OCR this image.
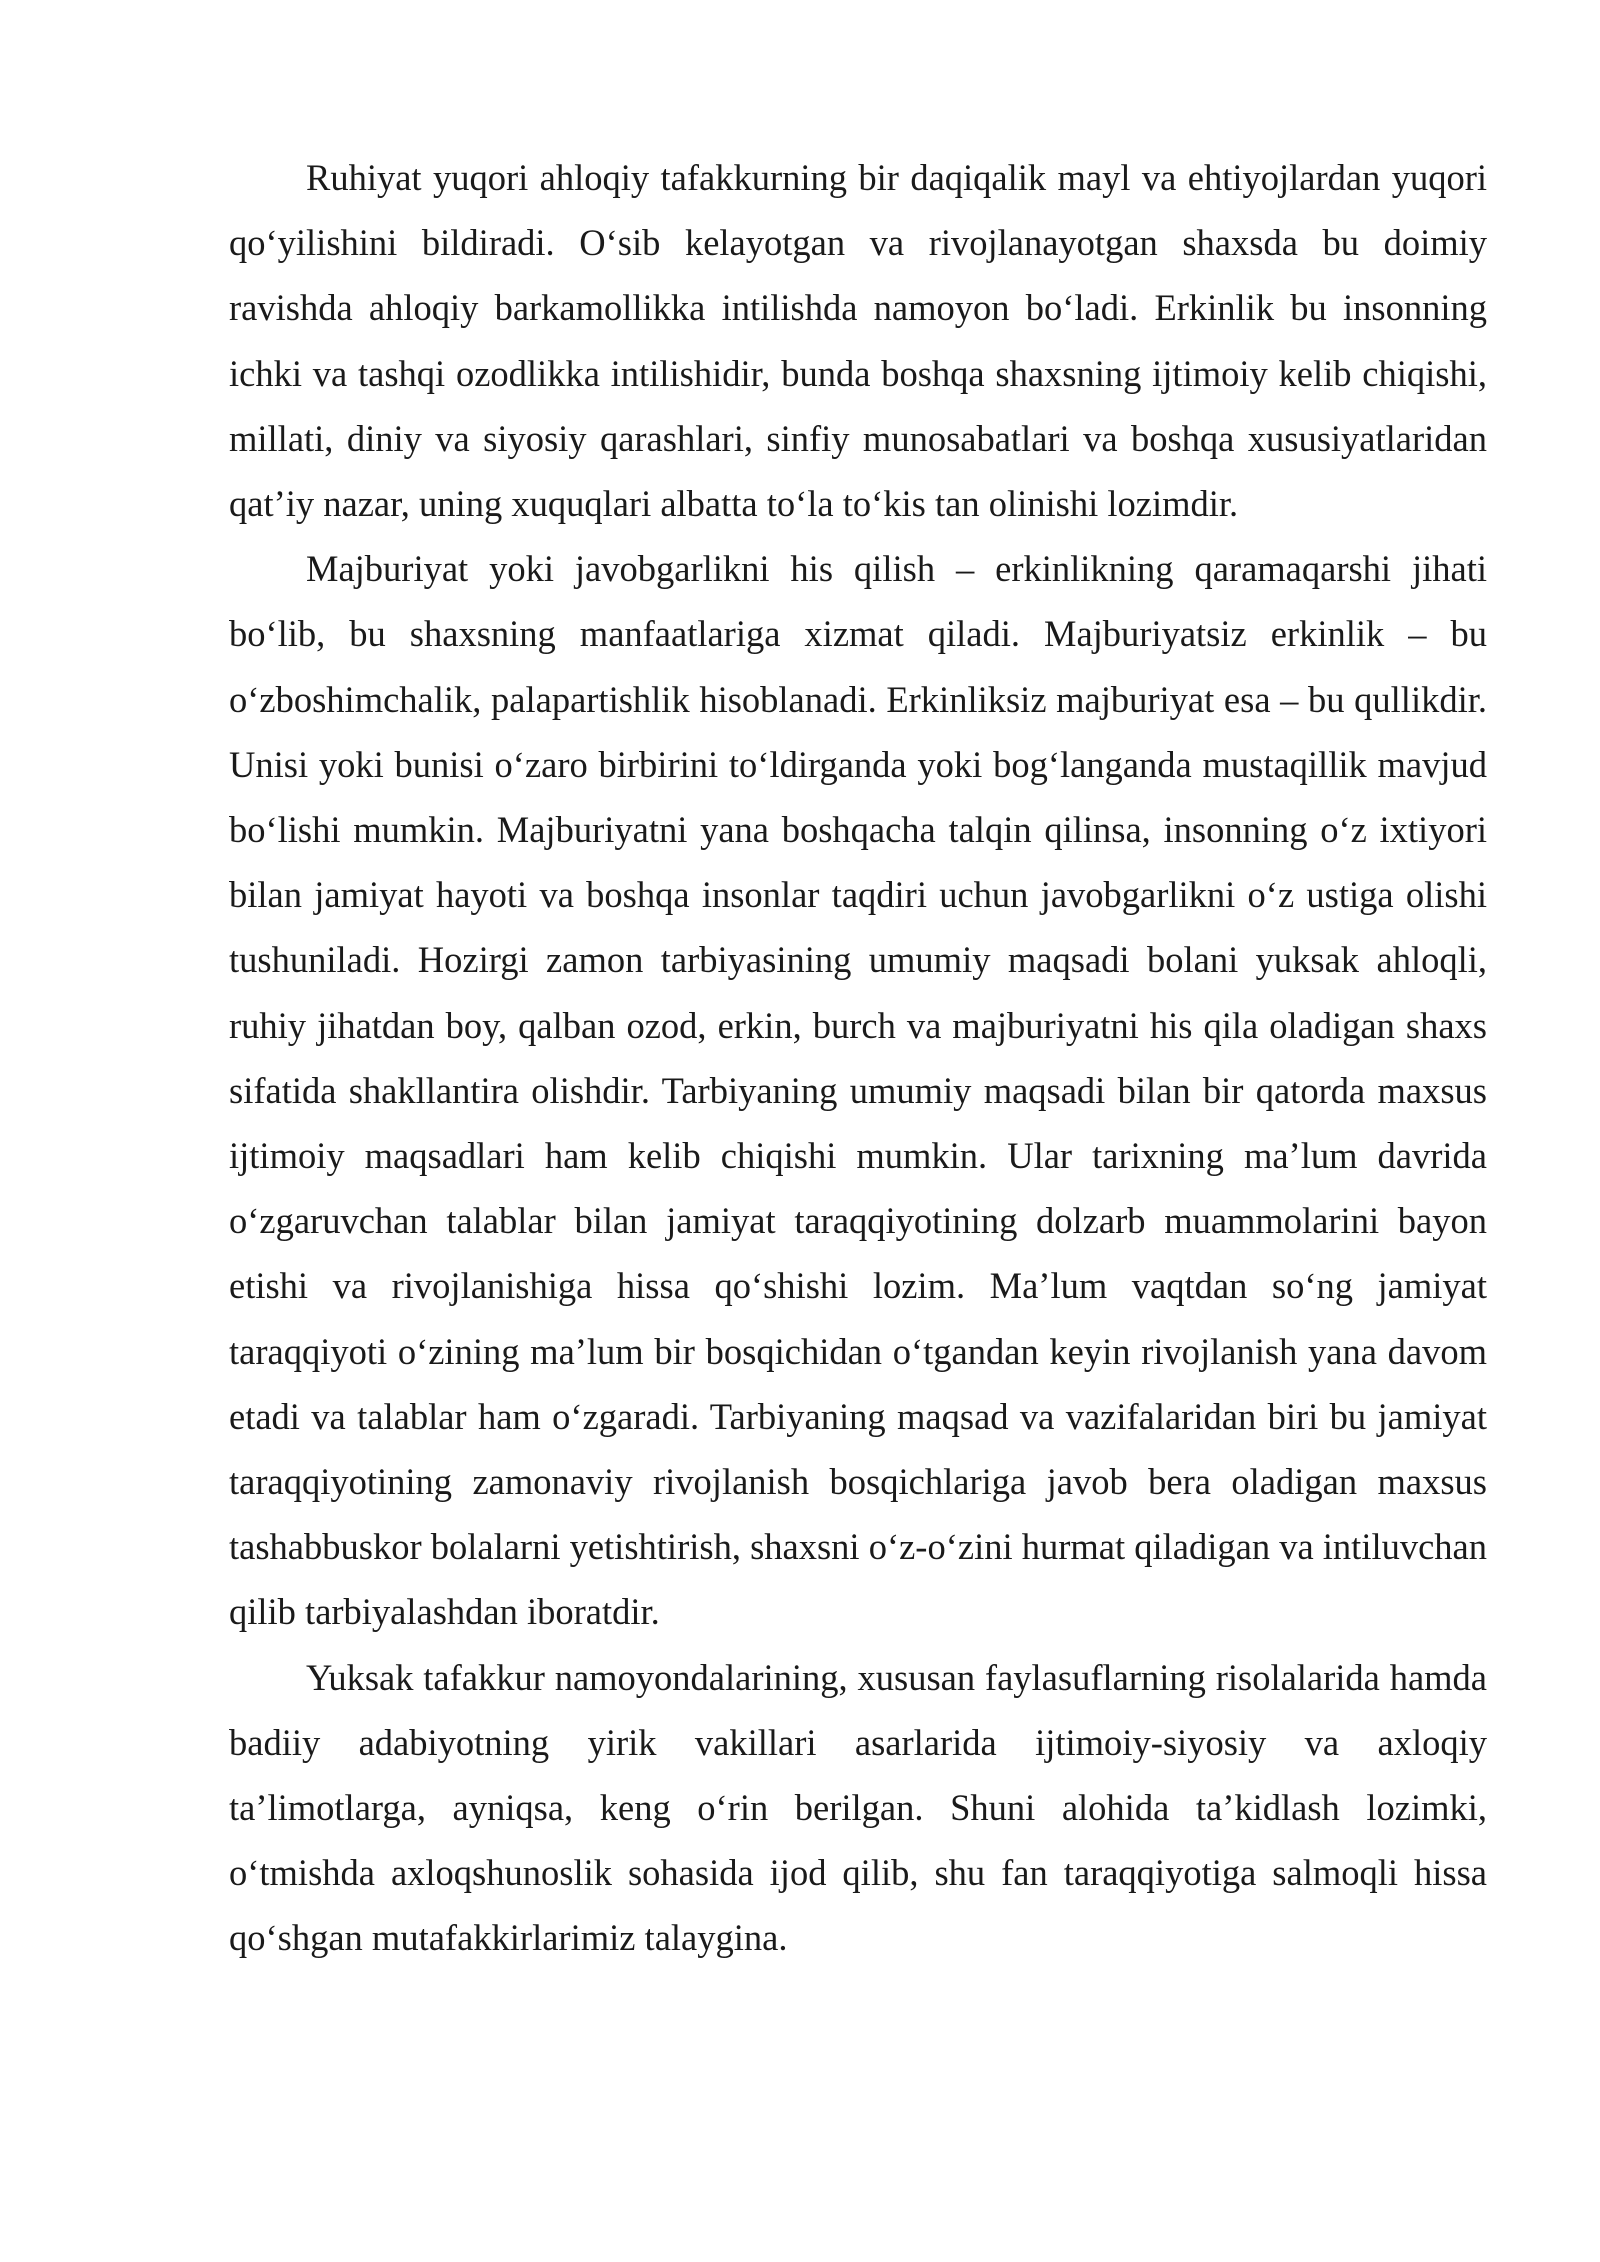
Ruhiyat yuqori ahloqiy tafakkurning bir daqiqalik mayl va ehtiyojlardan yuqori qo‘yilishini bildiradi. O‘sib kelayotgan va rivojlanayotgan shaxsda bu doimiy ravishda ahloqiy barkamollikka intilishda namoyon bo‘ladi. Erkinlik bu insonning ichki va tashqi ozodlikka intilishidir, bunda boshqa shaxsning ijtimoiy kelib chiqishi, millati, diniy va siyosiy qarashlari, sinfiy munosabatlari va boshqa xususiyatlaridan qat’iy nazar, uning xuquqlari albatta to‘la to‘kis tan olinishi lozimdir.

Majburiyat yoki javobgarlikni his qilish – erkinlikning qaramaqarshi jihati bo‘lib, bu shaxsning manfaatlariga xizmat qiladi. Majburiyatsiz erkinlik – bu o‘zboshimchalik, palapartishlik hisoblanadi. Erkinliksiz majburiyat esa – bu qullikdir. Unisi yoki bunisi o‘zaro birbirini to‘ldirganda yoki bog‘langanda mustaqillik mavjud bo‘lishi mumkin. Majburiyatni yana boshqacha talqin qilinsa, insonning o‘z ixtiyori bilan jamiyat hayoti va boshqa insonlar taqdiri uchun javobgarlikni o‘z ustiga olishi tushuniladi. Hozirgi zamon tarbiyasining umumiy maqsadi bolani yuksak ahloqli, ruhiy jihatdan boy, qalban ozod, erkin, burch va majburiyatni his qila oladigan shaxs sifatida shakllantira olishdir. Tarbiyaning umumiy maqsadi bilan bir qatorda maxsus ijtimoiy maqsadlari ham kelib chiqishi mumkin. Ular tarixning ma’lum davrida o‘zgaruvchan talablar bilan jamiyat taraqqiyotining dolzarb muammolarini bayon etishi va rivojlanishiga hissa qo‘shishi lozim. Ma’lum vaqtdan so‘ng jamiyat taraqqiyoti o‘zining ma’lum bir bosqichidan o‘tgandan keyin rivojlanish yana davom etadi va talablar ham o‘zgaradi. Tarbiyaning maqsad va vazifalaridan biri bu jamiyat taraqqiyotining zamonaviy rivojlanish bosqichlariga javob bera oladigan maxsus tashabbuskor bolalarni yetishtirish, shaxsni o‘z-o‘zini hurmat qiladigan va intiluvchan qilib tarbiyalashdan iboratdir.

Yuksak tafakkur namoyondalarining, xususan faylasuflarning risolalarida hamda badiiy adabiyotning yirik vakillari asarlarida ijtimoiy-siyosiy va axloqiy ta’limotlarga, ayniqsa, keng o‘rin berilgan. Shuni alohida ta’kidlash lozimki, o‘tmishda axloqshunoslik sohasida ijod qilib, shu fan taraqqiyotiga salmoqli hissa qo‘shgan mutafakkirlarimiz talaygina.
